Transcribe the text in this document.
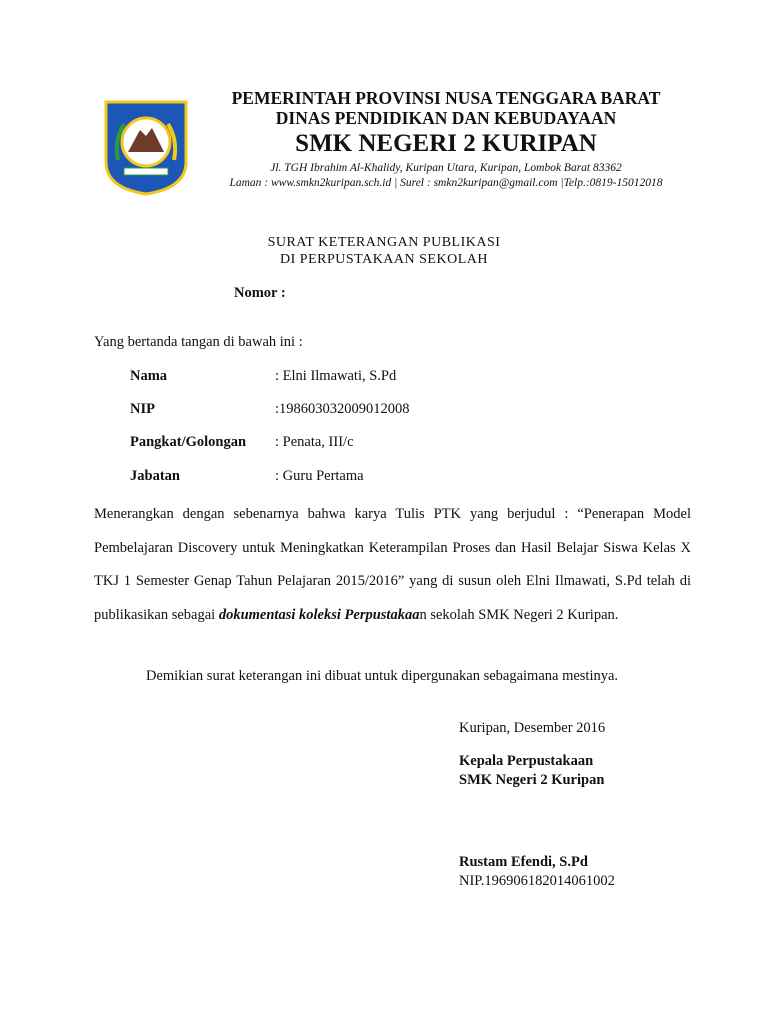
PEMERINTAH PROVINSI NUSA TENGGARA BARAT
DINAS PENDIDIKAN DAN KEBUDAYAAN
SMK NEGERI 2 KURIPAN
Jl. TGH Ibrahim Al-Khalidy, Kuripan Utara, Kuripan, Lombok Barat 83362
Laman : www.smkn2kuripan.sch.id | Surel : smkn2kuripan@gmail.com |Telp.:0819-15012018
SURAT KETERANGAN PUBLIKASI
DI PERPUSTAKAAN SEKOLAH
Nomor :
Yang bertanda tangan di bawah ini :
Nama	: Elni Ilmawati, S.Pd
NIP	:198603032009012008
Pangkat/Golongan : Penata, III/c
Jabatan	: Guru Pertama
Menerangkan dengan sebenarnya bahwa karya Tulis PTK yang berjudul : “Penerapan Model Pembelajaran Discovery untuk Meningkatkan Keterampilan Proses dan Hasil Belajar Siswa Kelas X TKJ 1 Semester Genap Tahun Pelajaran 2015/2016” yang di susun oleh Elni Ilmawati, S.Pd telah di publikasikan sebagai dokumentasi koleksi Perpustakaan sekolah SMK Negeri 2 Kuripan.
Demikian surat keterangan ini dibuat untuk dipergunakan sebagaimana mestinya.
Kuripan, Desember 2016
Kepala Perpustakaan
SMK Negeri 2 Kuripan
Rustam Efendi, S.Pd
NIP.196906182014061002
